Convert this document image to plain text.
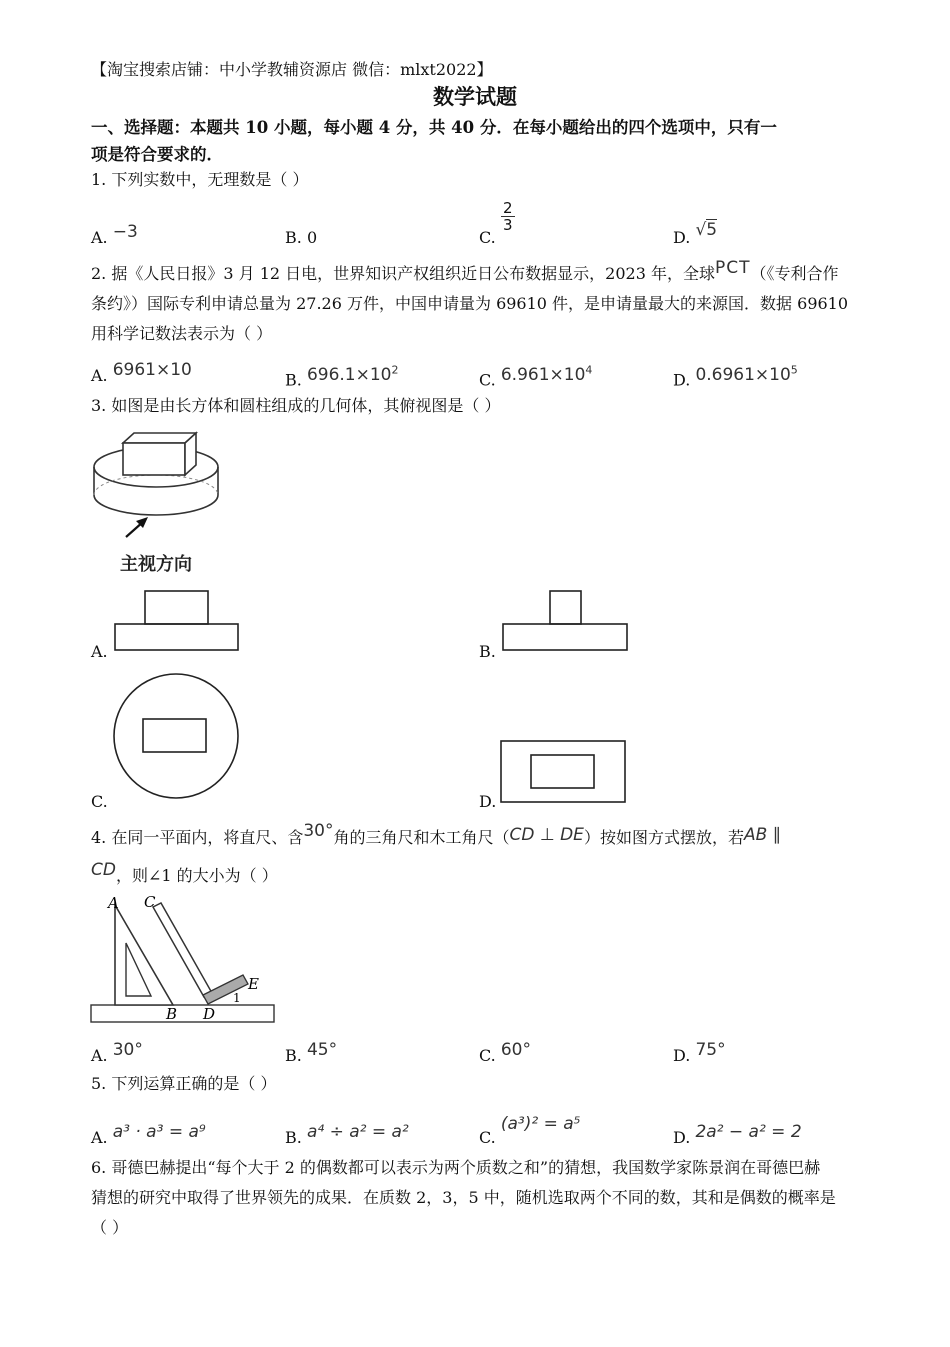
【淘宝搜索店铺：中小学教辅资源店 微信：mlxt2022】
数学试题
一、选择题：本题共 10 小题，每小题 4 分，共 40 分．在每小题给出的四个选项中，只有一
项是符合要求的．
1. 下列实数中，无理数是（ ）
A. −3	B. 0	C.
$\frac{2}{3}$
D. √5
2. 据《人民日报》3 月 12 日电，世界知识产权组织近日公布数据显示，2023 年，全球PCT（《专利合作
条约》）国际专利申请总量为 27.26 万件，中国申请量为 69610 件，是申请量最大的来源国．数据 69610
用科学记数法表示为（ ）
A. 6961×10
B. $696.1\times 10^2$
C. $6.961\times 10^4$
D. $0.6961\times 10^5$
3. 如图是由长方体和圆柱组成的几何体，其俯视图是（ ）
主视方向
A.	B.
C.	D.
4. 在同一平面内，将直尺、含30°角的三角尺和木工角尺（CD ⊥ DE）按如图方式摆放，若AB ∥
CD，则∠1 的大小为（ ）
A C
E
B D
1
A. 30°	B. 45°	C. 60°	D. 75°
5. 下列运算正确的是（ ）
A. a³ · a³ = a⁹	B. a⁴ ÷ a² = a²	C. (a³)² = a⁵
D. 2a² − a² = 2
6. 哥德巴赫提出“每个大于 2 的偶数都可以表示为两个质数之和”的猜想，我国数学家陈景润在哥德巴赫
猜想的研究中取得了世界领先的成果．在质数 2，3，5 中，随机选取两个不同的数，其和是偶数的概率是
（ ）
